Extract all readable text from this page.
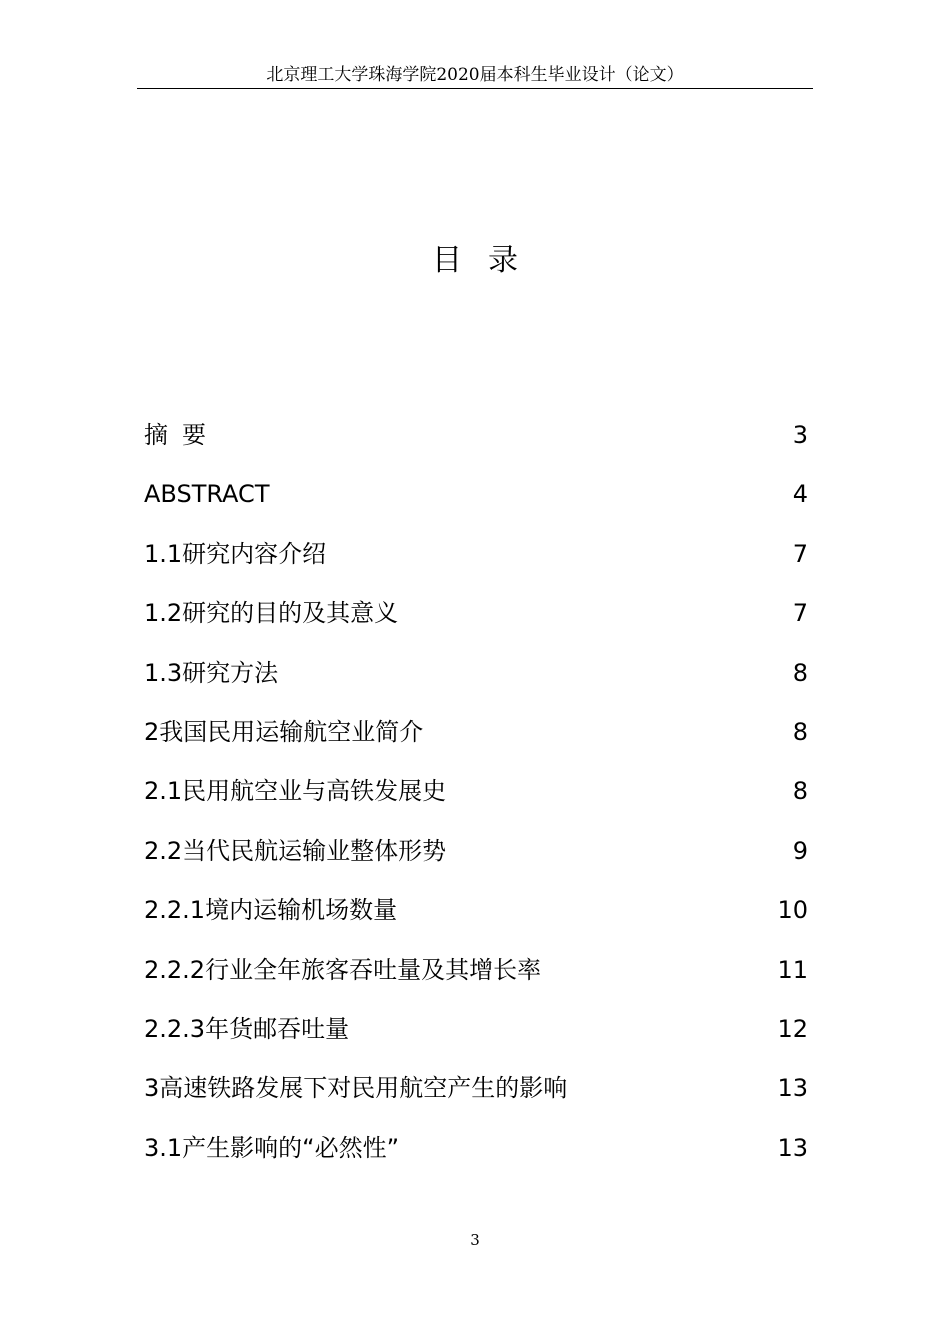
北京理工大学珠海学院2020届本科生毕业设计（论文）
目录
摘要	3
ABSTRACT	4
1.1研究内容介绍	7
1.2研究的目的及其意义	7
1.3研究方法	8
2我国民用运输航空业简介	8
2.1民用航空业与高铁发展史	8
2.2当代民航运输业整体形势	9
2.2.1境内运输机场数量	10
2.2.2行业全年旅客吞吐量及其增长率	11
2.2.3年货邮吞吐量	12
3高速铁路发展下对民用航空产生的影响	13
3.1产生影响的“必然性”	13
3
